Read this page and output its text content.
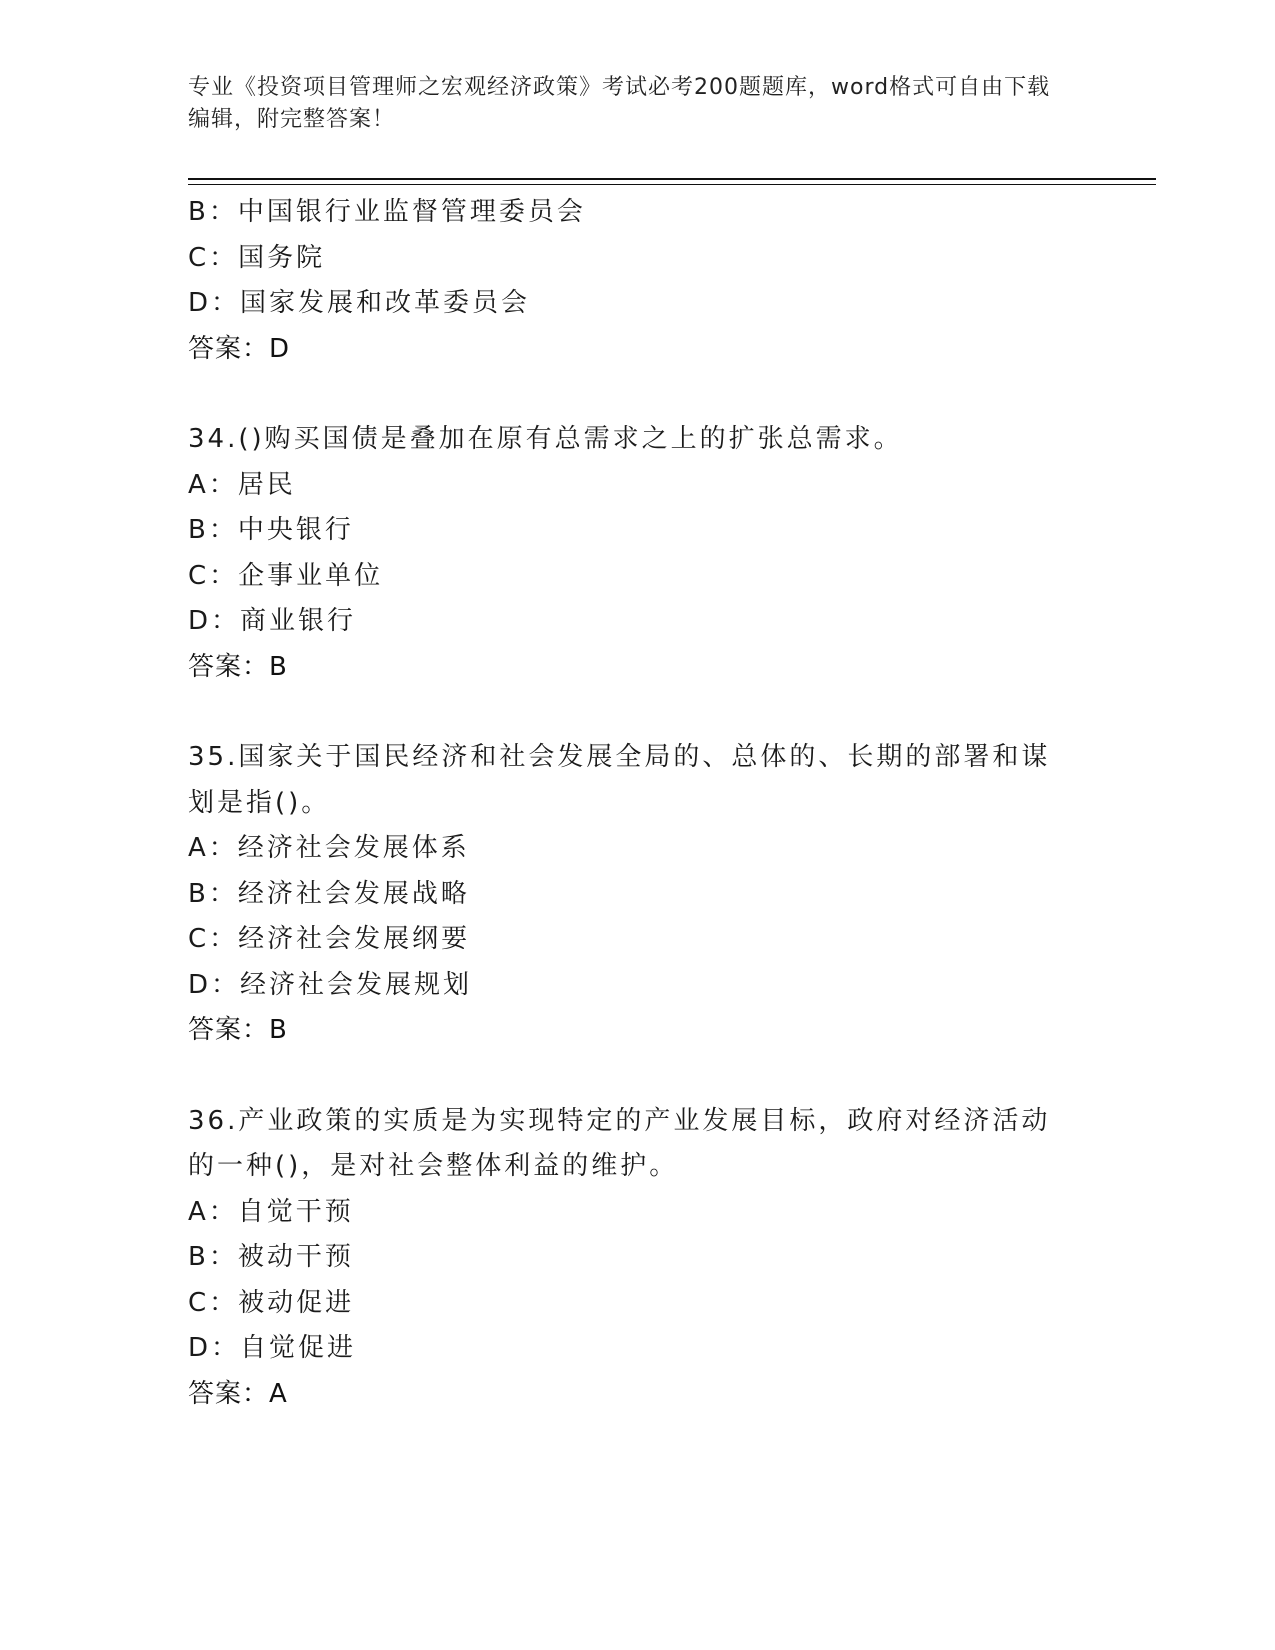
专业《投资项目管理师之宏观经济政策》考试必考200题题库，word格式可自由下载编辑，附完整答案！
B：中国银行业监督管理委员会
C：国务院
D：国家发展和改革委员会
答案：D
34.()购买国债是叠加在原有总需求之上的扩张总需求。
A：居民
B：中央银行
C：企事业单位
D：商业银行
答案：B
35.国家关于国民经济和社会发展全局的、总体的、长期的部署和谋划是指()。
A：经济社会发展体系
B：经济社会发展战略
C：经济社会发展纲要
D：经济社会发展规划
答案：B
36.产业政策的实质是为实现特定的产业发展目标，政府对经济活动的一种()，是对社会整体利益的维护。
A：自觉干预
B：被动干预
C：被动促进
D：自觉促进
答案：A
